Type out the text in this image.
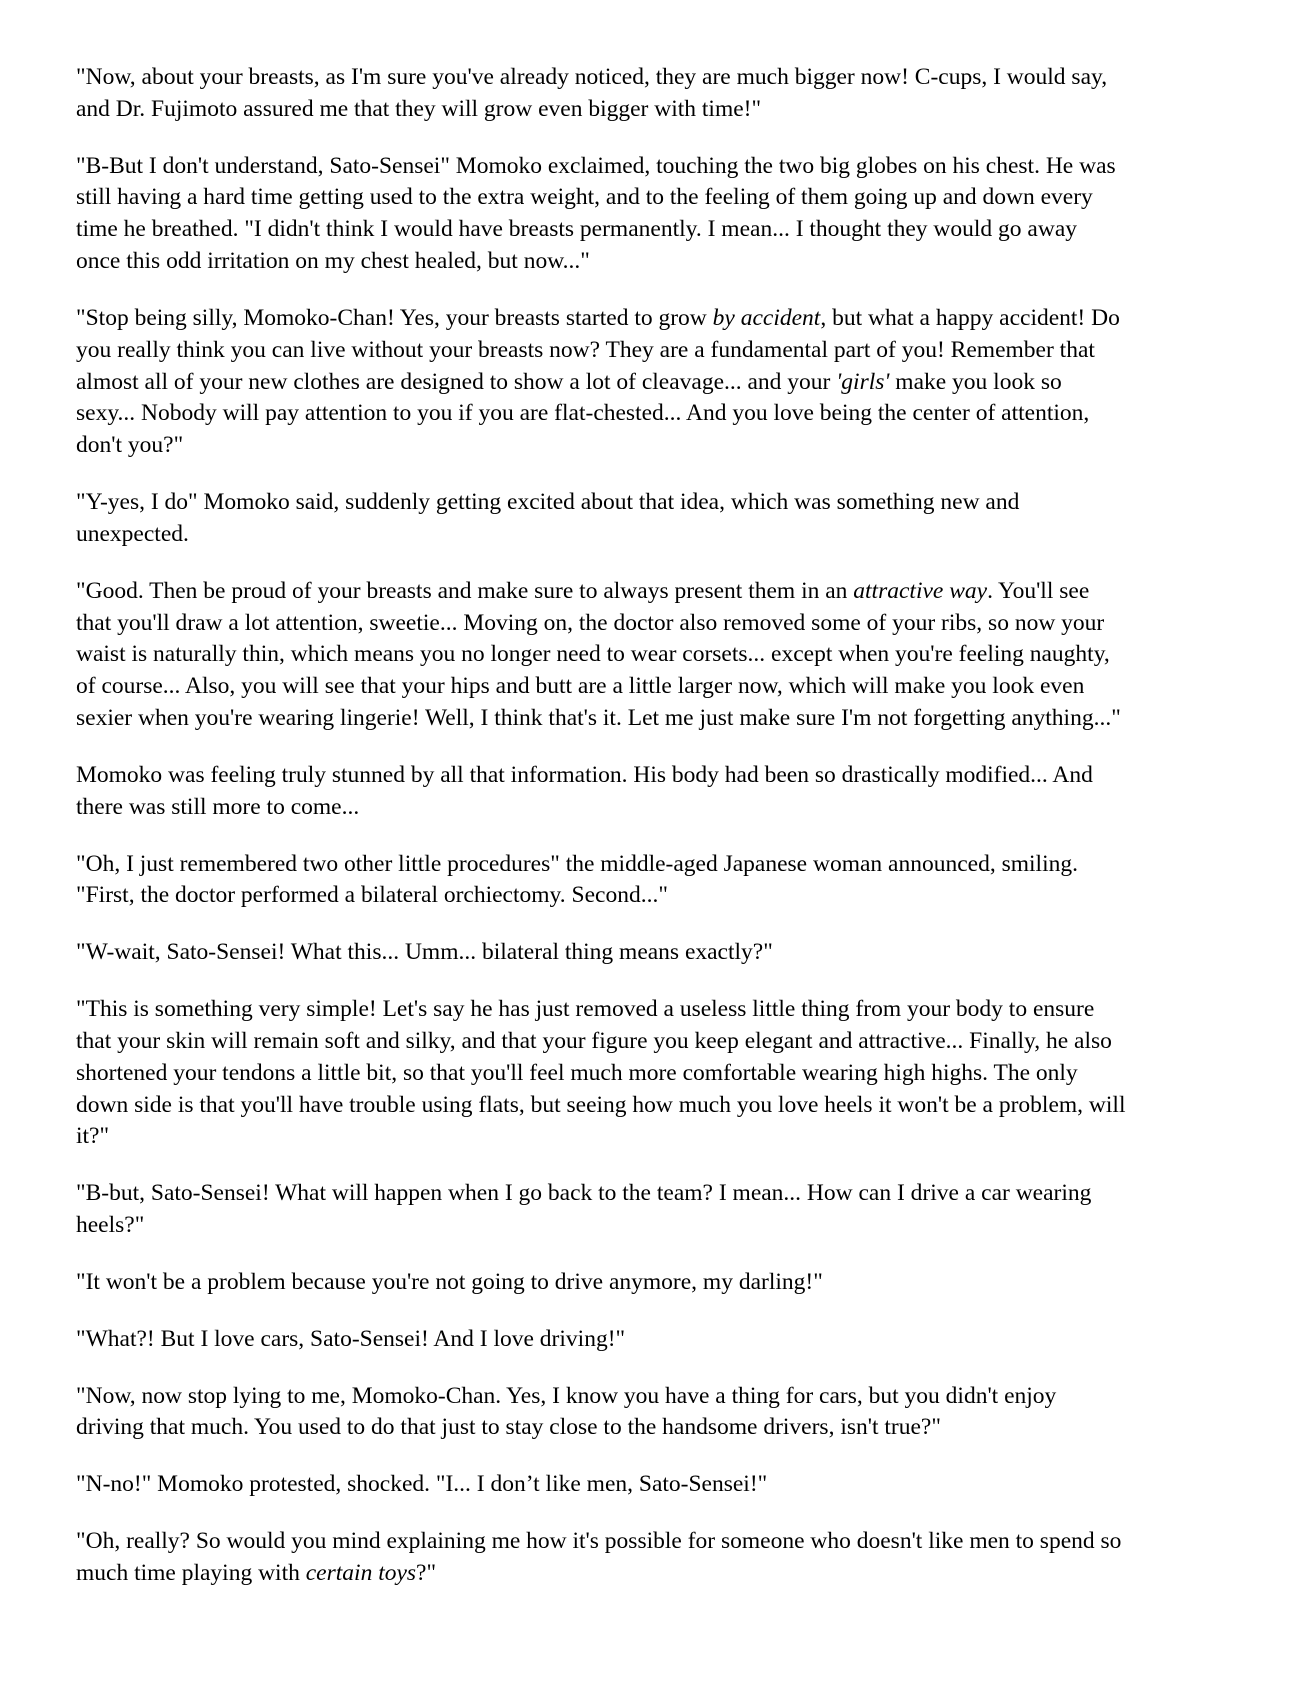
"Now, about your breasts, as I'm sure you've already noticed, they are much bigger now! C-cups, I would say, and Dr. Fujimoto assured me that they will grow even bigger with time!"

"B-But I don't understand, Sato-Sensei" Momoko exclaimed, touching the two big globes on his chest. He was still having a hard time getting used to the extra weight, and to the feeling of them going up and down every time he breathed. "I didn't think I would have breasts permanently. I mean... I thought they would go away once this odd irritation on my chest healed, but now..."

"Stop being silly, Momoko-Chan! Yes, your breasts started to grow by accident, but what a happy accident! Do you really think you can live without your breasts now? They are a fundamental part of you! Remember that almost all of your new clothes are designed to show a lot of cleavage... and your 'girls' make you look so sexy... Nobody will pay attention to you if you are flat-chested... And you love being the center of attention, don't you?"

"Y-yes, I do" Momoko said, suddenly getting excited about that idea, which was something new and unexpected.

"Good. Then be proud of your breasts and make sure to always present them in an attractive way. You'll see that you'll draw a lot attention, sweetie... Moving on, the doctor also removed some of your ribs, so now your waist is naturally thin, which means you no longer need to wear corsets... except when you're feeling naughty, of course... Also, you will see that your hips and butt are a little larger now, which will make you look even sexier when you're wearing lingerie! Well, I think that's it. Let me just make sure I'm not forgetting anything..."

Momoko was feeling truly stunned by all that information. His body had been so drastically modified... And there was still more to come...

"Oh, I just remembered two other little procedures" the middle-aged Japanese woman announced, smiling. "First, the doctor performed a bilateral orchiectomy. Second..."

"W-wait, Sato-Sensei! What this... Umm... bilateral thing means exactly?"

"This is something very simple! Let's say he has just removed a useless little thing from your body to ensure that your skin will remain soft and silky, and that your figure you keep elegant and attractive... Finally, he also shortened your tendons a little bit, so that you'll feel much more comfortable wearing high highs. The only down side is that you'll have trouble using flats, but seeing how much you love heels it won't be a problem, will it?"

"B-but, Sato-Sensei! What will happen when I go back to the team? I mean... How can I drive a car wearing heels?"

"It won't be a problem because you're not going to drive anymore, my darling!"

"What?! But I love cars, Sato-Sensei! And I love driving!"

"Now, now stop lying to me, Momoko-Chan. Yes, I know you have a thing for cars, but you didn't enjoy driving that much. You used to do that just to stay close to the handsome drivers, isn't true?"

"N-no!" Momoko protested, shocked. "I... I don’t like men, Sato-Sensei!"

"Oh, really? So would you mind explaining me how it's possible for someone who doesn't like men to spend so much time playing with certain toys?"
